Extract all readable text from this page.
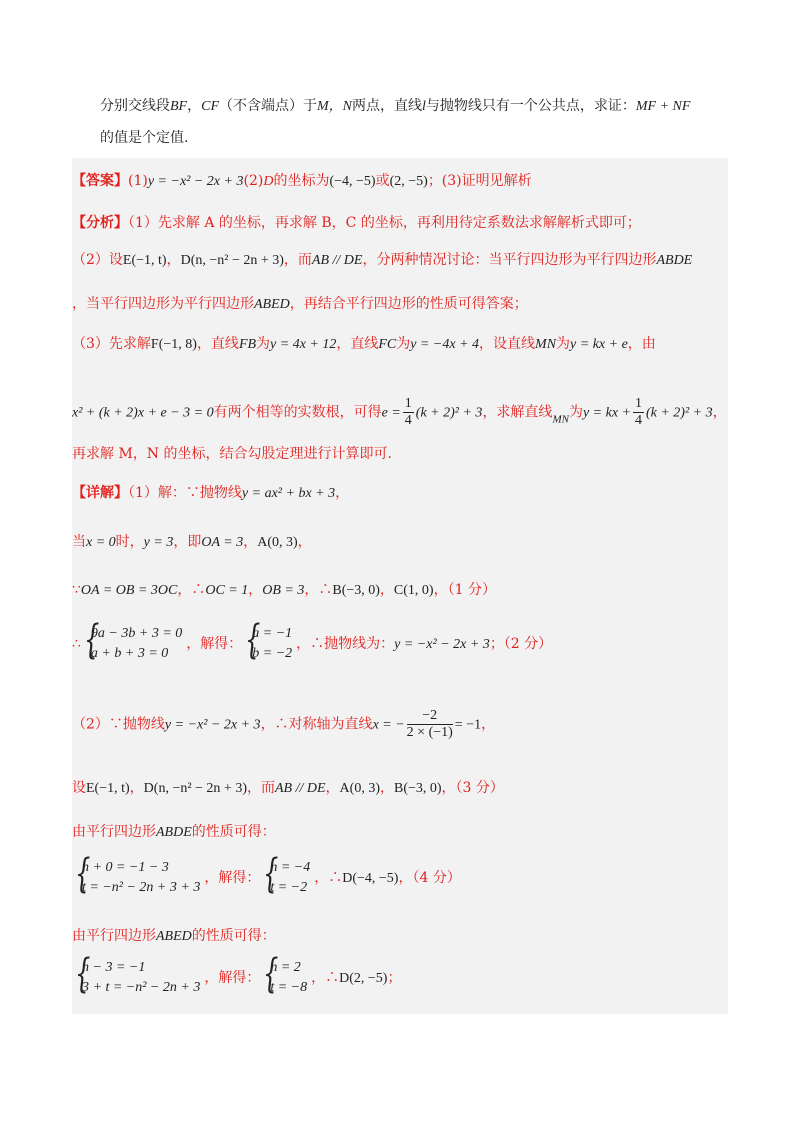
分别交线段BF，CF（不含端点）于M，N两点，直线l与抛物线只有一个公共点，求证：MF + NF
的值是个定值.
【答案】(1)y = −x² − 2x + 3(2)D的坐标为(−4, −5)或(2, −5)；(3)证明见解析
【分析】（1）先求解 A 的坐标，再求解 B，C 的坐标，再利用待定系数法求解解析式即可；
（2）设E(−1, t)，D(n, −n² − 2n + 3)，而AB // DE，分两种情况讨论：当平行四边形为平行四边形ABDE
，当平行四边形为平行四边形ABED，再结合平行四边形的性质可得答案；
（3）先求解F(−1, 8)，直线FB为y = 4x + 12，直线FC为y = −4x + 4，设直线MN为y = kx + e，由
x² + (k + 2)x + e − 3 = 0有两个相等的实数根，可得$e = \frac{1}{4} (k + 2)^2 + 3$，求解直线$_{MN}$为y = kx + $\frac{1}{4} (k + 2)^2 + 3$，
再求解 M，N 的坐标，结合勾股定理进行计算即可.
【详解】（1）解：∵抛物线y = ax² + bx + 3，
当x = 0时，y = 3，即OA = 3，A(0, 3)，
∵OA = OB = 3OC，∴OC = 1，OB = 3，∴B(−3, 0)，C(1, 0)，（1 分）
∴ {
9a − 3b + 3 = 0
a + b + 3 = 0
，解得： {
a = −1
b = −2
，∴抛物线为：y = −x² − 2x + 3；（2 分）
（2）∵抛物线y = −x² − 2x + 3，∴对称轴为直线x = − $\frac{-2}{2 \times (-1)} = -1$，
设E(−1, t)，D(n, −n² − 2n + 3)，而AB // DE，A(0, 3)，B(−3, 0)，（3 分）
由平行四边形ABDE的性质可得：
{
n + 0 = −1 − 3
t = −n² − 2n + 3 + 3
，解得： {
n = −4
t = −2
，∴D(−4, −5)，（4 分）
由平行四边形ABED的性质可得：
{
n − 3 = −1
3 + t = −n² − 2n + 3
，解得： {
n = 2
t = −8
，∴D(2, −5)；
